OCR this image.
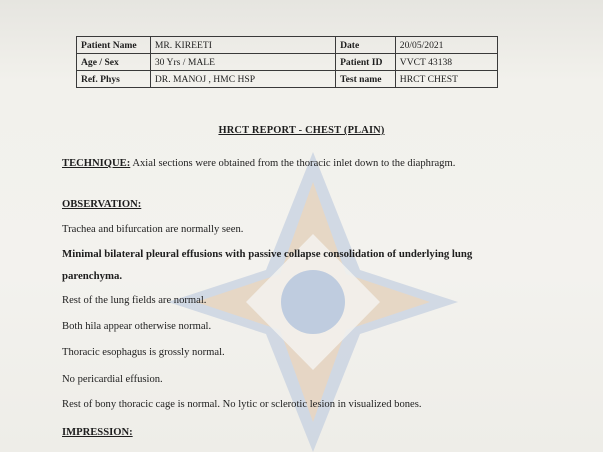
Patient Name	MR. KIREETI	Date	20/05/2021
Age / Sex	30 Yrs / MALE	Patient ID	VVCT 43138
Ref. Phys	DR. MANOJ , HMC HSP	Test name	HRCT CHEST
HRCT REPORT - CHEST (PLAIN)
TECHNIQUE: Axial sections were obtained from the thoracic inlet down to the diaphragm.
OBSERVATION:
Trachea and bifurcation are normally seen.
Minimal bilateral pleural effusions with passive collapse consolidation of underlying lung parenchyma.
Rest of the lung fields are normal.
Both hila appear otherwise normal.
Thoracic esophagus is grossly normal.
No pericardial effusion.
Rest of bony thoracic cage is normal. No lytic or sclerotic lesion in visualized bones.
IMPRESSION:
